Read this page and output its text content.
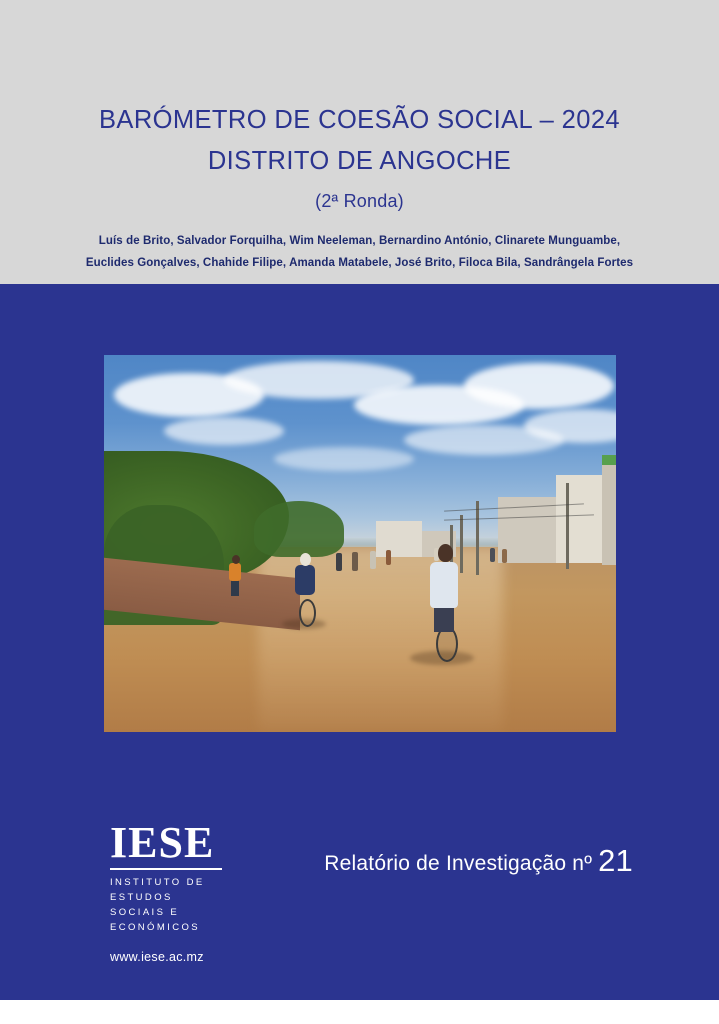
BARÓMETRO DE COESÃO SOCIAL – 2024
DISTRITO DE ANGOCHE
(2ª Ronda)
Luís de Brito, Salvador Forquilha, Wim Neeleman, Bernardino António, Clinarete Munguambe,
Euclides Gonçalves, Chahide Filipe, Amanda Matabele, José Brito, Filoca Bila, Sandrângela Fortes
IESE
INSTITUTO DE
ESTUDOS
SOCIAIS E
ECONÓMICOS
www.iese.ac.mz
Relatório de Investigação nº 21
